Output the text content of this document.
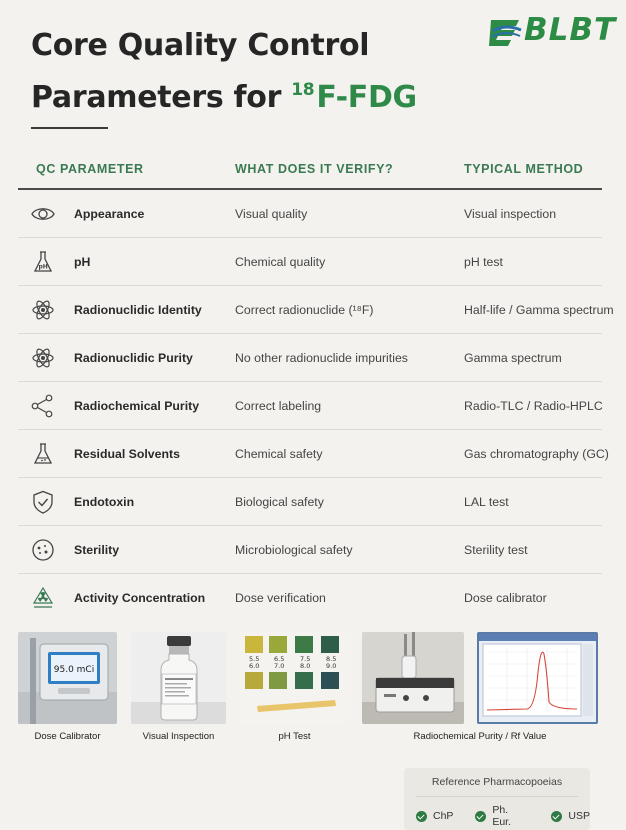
Core Quality Control
Parameters for $^{18}$F-FDG
BLBT
QC PARAMETER	WHAT DOES IT VERIFY?	TYPICAL METHOD
Appearance	Visual quality	Visual inspection
pH pH	Chemical quality	pH test
Radionuclidic Identity	Correct radionuclide (¹⁸F)	Half-life / Gamma spectrum
Radionuclidic Purity	No other radionuclide impurities	Gamma spectrum
Radiochemical Purity	Correct labeling	Radio-TLC / Radio-HPLC
Residual Solvents	Chemical safety	Gas chromatography (GC)
Endotoxin	Biological safety	LAL test
Sterility	Microbiological safety	Sterility test
Activity Concentration	Dose verification	Dose calibrator
95.0 mCi
Dose Calibrator	Visual Inspection
5.5 6.5 7.5 8.5
6.0 7.0 8.0 9.0
pH Test	Radiochemical Purity / Rf Value
Reference Pharmacopoeias
ChP	Ph. Eur.	USP
